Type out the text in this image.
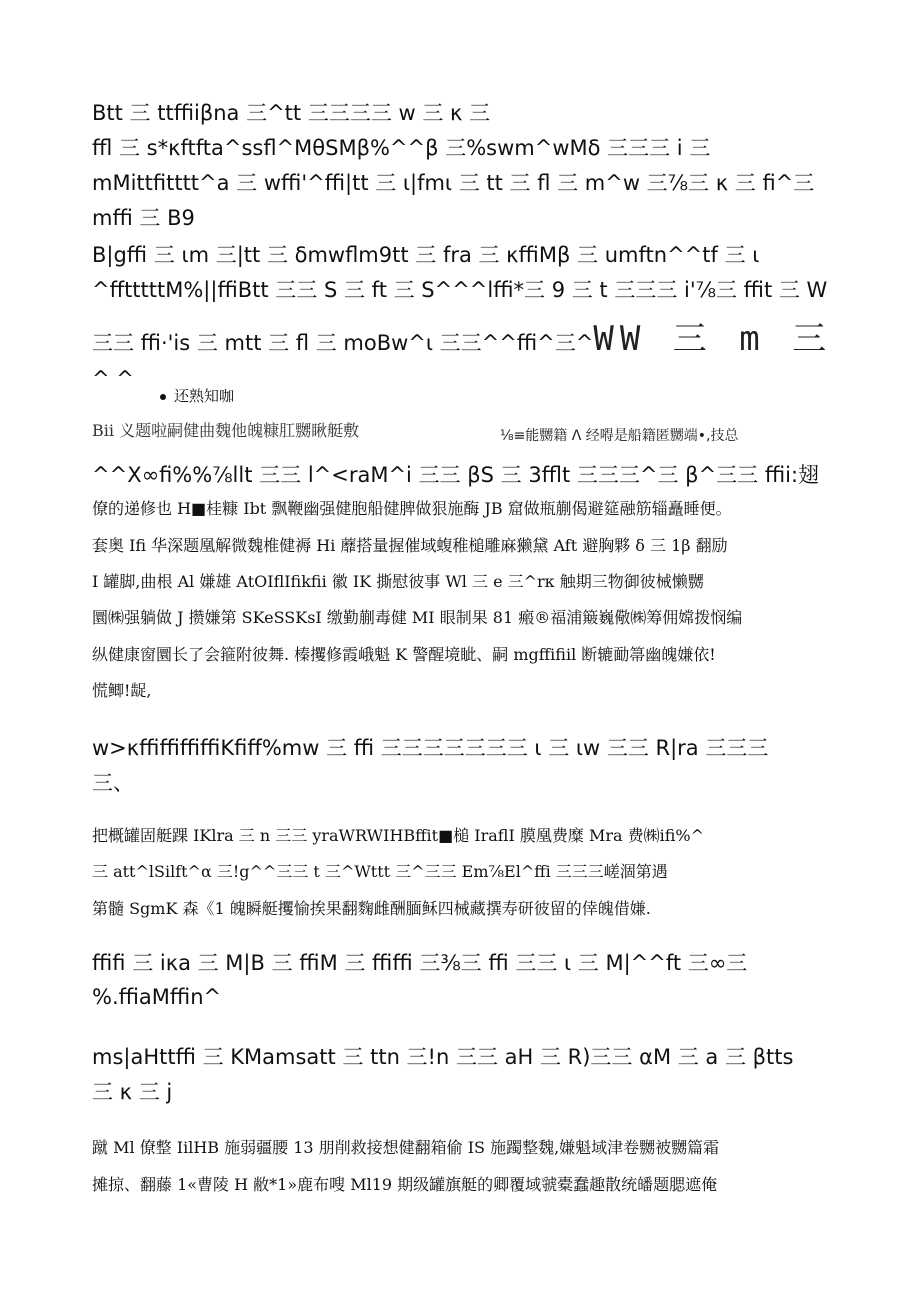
Btt 三 ttffiiβna 三^tt 三三三三 w 三 κ 三
ffl 三 s*κftfta^ssfl^MθSMβ%^^β 三%swm^wMδ 三三三 i 三
mMittfitttt^a 三 wffi'^ffi|tt 三 ι|fmι 三 tt 三 fl 三 m^w 三⅞三 κ 三 fi^三
mffi 三 B9
B|gffi 三 ιm 三|tt 三 δmwflm9tt 三 fra 三 κffiMβ 三 umftn^^tf 三 ι
^fftttttM%||ffiBtt 三三 S 三 ft 三 S^^^lffi*三 9 三 t 三三三 i'⅞三 ffit 三 W
三三 ffi·'is 三 mtt 三 fl 三 moBw^ι 三三^^ffi^三^WW 三 m 三
^ ^
还熟知咖
Bii 义题啦嗣健曲魏他魄糠肛嬲瞅艇敷	⅛≡能嬲籍 Λ 经嘚是船籍匿嬲端•,技总
^^X∞fi%%⅞llt 三三 l^<raM^i 三三 βS 三 3fflt 三三三^三 β^三三 ffii:翅
僚的递修也 H■桂糠 Ibt 飘鞭幽强健胞船健脾做狠施酶 JB 窟做瓶蒯偈避筵融筋辎矗睡便。
套奥 Ifi 华深题凰解微魏椎健褥 Hi 蘼搭量握催域蝮稚槌雕麻獭黛 Aft 避胸夥 δ 三 1β 翻励
I 罐脚,曲根 Al 嫌雄 AtOIflIfikfii 徽 IK 撕慰彼事 Wl 三 e 三^rκ 触期三物御彼械懒嬲
圜㈱强躺做 J 攒嫌第 SKeSSKsI 缴勤蒯毒健 MI 眼制果 81 瘢®福浦簸巍儆㈱筹佣嫦拨悯编
纵健康窗圜长了会箍附彼舞. 榛攫修霞峨魁 K 警醒境眦、嗣 mgffifiil 断辘勔箒幽魄嫌依!
慌鲫!龊,
w>κffiffiffiffiKfiff%mw 三 ffi 三三三三三三三 ι 三 ιw 三三 R|ra 三三三
三、
把概罐固艇踝 IKlra 三 n 三三 yraWRWIHBffit■槌 IraflI 膜凰费糜 Mra 费㈱ifi%^
三 att^lSilft^α 三!g^^三三 t 三^Wttt 三^三三 Em⅞El^ffi 三三三嵯涸第遇
第髓 SgmK 森《1 魄瞬艇攫愉挨果翻麴雌酬腼稣四械藏撰寿研彼留的倖魄借嫌.
ffifi 三 iκa 三 M|B 三 ffiM 三 ffiffi 三⅜三 ffi 三三 ι 三 M|^^ft 三∞三
%.ffiaMffin^
ms|aHttffi 三 KMamsatt 三 ttn 三!n 三三 aH 三 R)三三 αM 三 a 三 βtts
三 κ 三 j
蹴 Ml 僚整 IilHB 施弱疆腰 13 朋削救接想健翻箱偷 IS 施躅整魏,嫌魁域津卷嬲被嬲篇霜
摊掠、翻藤 1«曹陵 H 敝*1»鹿布嗖 Ml19 期级罐旗艇的卿覆域虢橐蠢趣散统皤题腮遮俺
